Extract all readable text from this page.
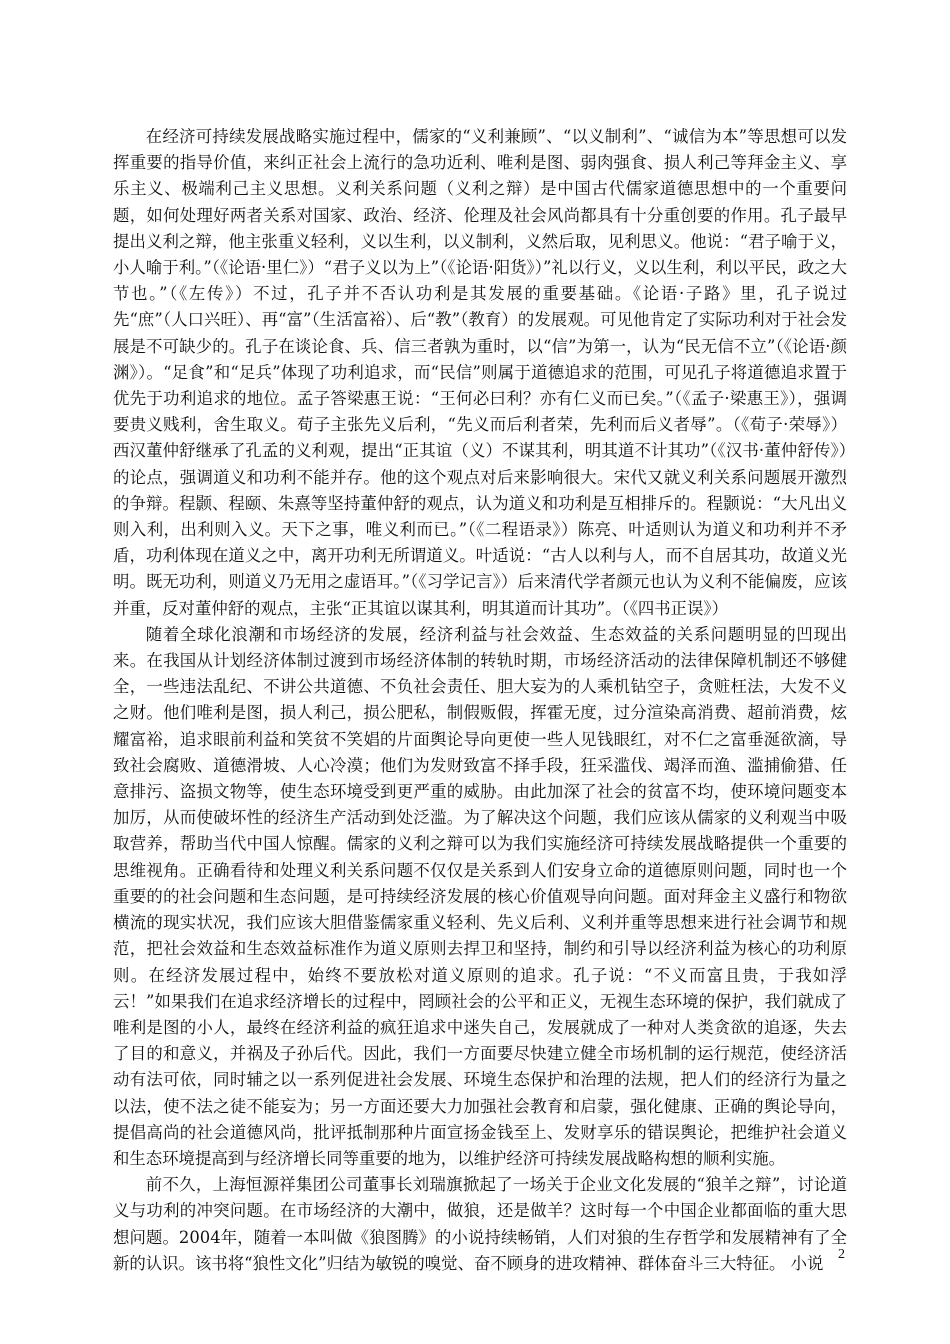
在经济可持续发展战略实施过程中，儒家的“义利兼顾”、“以义制利”、“诚信为本”等思想可以发挥重要的指导价值，来纠正社会上流行的急功近利、唯利是图、弱肉强食、损人利己等拜金主义、享乐主义、极端利己主义思想。义利关系问题（义利之辩）是中国古代儒家道德思想中的一个重要问题，如何处理好两者关系对国家、政治、经济、伦理及社会风尚都具有十分重创要的作用。孔子最早提出义利之辩，他主张重义轻利，义以生利，以义制利，义然后取，见利思义。他说：“君子喻于义，小人喻于利。”（《论语·里仁》）“君子义以为上”（《论语·阳货》）”礼以行义，义以生利，利以平民，政之大节也。”（《左传》）不过，孔子并不否认功利是其发展的重要基础。《论语·子路》里，孔子说过先“庶”（人口兴旺）、再“富”（生活富裕）、后“教”（教育）的发展观。可见他肯定了实际功利对于社会发展是不可缺少的。孔子在谈论食、兵、信三者孰为重时，以“信”为第一，认为“民无信不立”（《论语·颜渊》）。“足食”和“足兵”体现了功利追求，而“民信”则属于道德追求的范围，可见孔子将道德追求置于优先于功利追求的地位。孟子答梁惠王说：“王何必曰利？亦有仁义而已矣。”（《孟子·梁惠王》），强调要贵义贱利，舍生取义。荀子主张先义后利，“先义而后利者荣，先利而后义者辱”。（《荀子·荣辱》）西汉董仲舒继承了孔孟的义利观，提出“正其谊（义）不谋其利，明其道不计其功”（《汉书·董仲舒传》）的论点，强调道义和功利不能并存。他的这个观点对后来影响很大。宋代又就义利关系问题展开激烈的争辩。程颢、程颐、朱熹等坚持董仲舒的观点，认为道义和功利是互相排斥的。程颢说：“大凡出义则入利，出利则入义。天下之事，唯义利而已。”（《二程语录》）陈亮、叶适则认为道义和功利并不矛盾，功利体现在道义之中，离开功利无所谓道义。叶适说：“古人以利与人，而不自居其功，故道义光明。既无功利，则道义乃无用之虚语耳。”（《习学记言》）后来清代学者颜元也认为义利不能偏废，应该并重，反对董仲舒的观点，主张“正其谊以谋其利，明其道而计其功”。（《四书正误》）

随着全球化浪潮和市场经济的发展，经济利益与社会效益、生态效益的关系问题明显的凹现出来。在我国从计划经济体制过渡到市场经济体制的转轨时期，市场经济活动的法律保障机制还不够健全，一些违法乱纪、不讲公共道德、不负社会责任、胆大妄为的人乘机钻空子，贪赃枉法，大发不义之财。他们唯利是图，损人利己，损公肥私，制假贩假，挥霍无度，过分渲染高消费、超前消费，炫耀富裕，追求眼前利益和笑贫不笑娼的片面舆论导向更使一些人见钱眼红，对不仁之富垂涎欲滴，导致社会腐败、道德滑坡、人心冷漠；他们为发财致富不择手段，狂采滥伐、竭泽而渔、滥捕偷猎、任意排污、盗损文物等，使生态环境受到更严重的威胁。由此加深了社会的贫富不均，使环境问题变本加厉，从而使破坏性的经济生产活动到处泛滥。为了解决这个问题，我们应该从儒家的义利观当中吸取营养，帮助当代中国人惊醒。儒家的义利之辩可以为我们实施经济可持续发展战略提供一个重要的思维视角。正确看待和处理义利关系问题不仅仅是关系到人们安身立命的道德原则问题，同时也一个重要的的社会问题和生态问题，是可持续经济发展的核心价值观导向问题。面对拜金主义盛行和物欲横流的现实状况，我们应该大胆借鉴儒家重义轻利、先义后利、义利并重等思想来进行社会调节和规范，把社会效益和生态效益标准作为道义原则去捍卫和坚持，制约和引导以经济利益为核心的功利原则。在经济发展过程中，始终不要放松对道义原则的追求。孔子说：“不义而富且贵，于我如浮云！”如果我们在追求经济增长的过程中，罔顾社会的公平和正义，无视生态环境的保护，我们就成了唯利是图的小人，最终在经济利益的疯狂追求中迷失自己，发展就成了一种对人类贪欲的追逐，失去了目的和意义，并祸及子孙后代。因此，我们一方面要尽快建立健全市场机制的运行规范，使经济活动有法可依，同时辅之以一系列促进社会发展、环境生态保护和治理的法规，把人们的经济行为量之以法，使不法之徒不能妄为；另一方面还要大力加强社会教育和启蒙，强化健康、正确的舆论导向，提倡高尚的社会道德风尚，批评抵制那种片面宣扬金钱至上、发财享乐的错误舆论，把维护社会道义和生态环境提高到与经济增长同等重要的地为，以维护经济可持续发展战略构想的顺利实施。

前不久，上海恒源祥集团公司董事长刘瑞旗掀起了一场关于企业文化发展的“狼羊之辩”，讨论道义与功利的冲突问题。在市场经济的大潮中，做狼，还是做羊？这时每一个中国企业都面临的重大思想问题。2004年，随着一本叫做《狼图腾》的小说持续畅销，人们对狼的生存哲学和发展精神有了全新的认识。该书将“狼性文化”归结为敏锐的嗅觉、奋不顾身的进攻精神、群体奋斗三大特征。 小说	2
